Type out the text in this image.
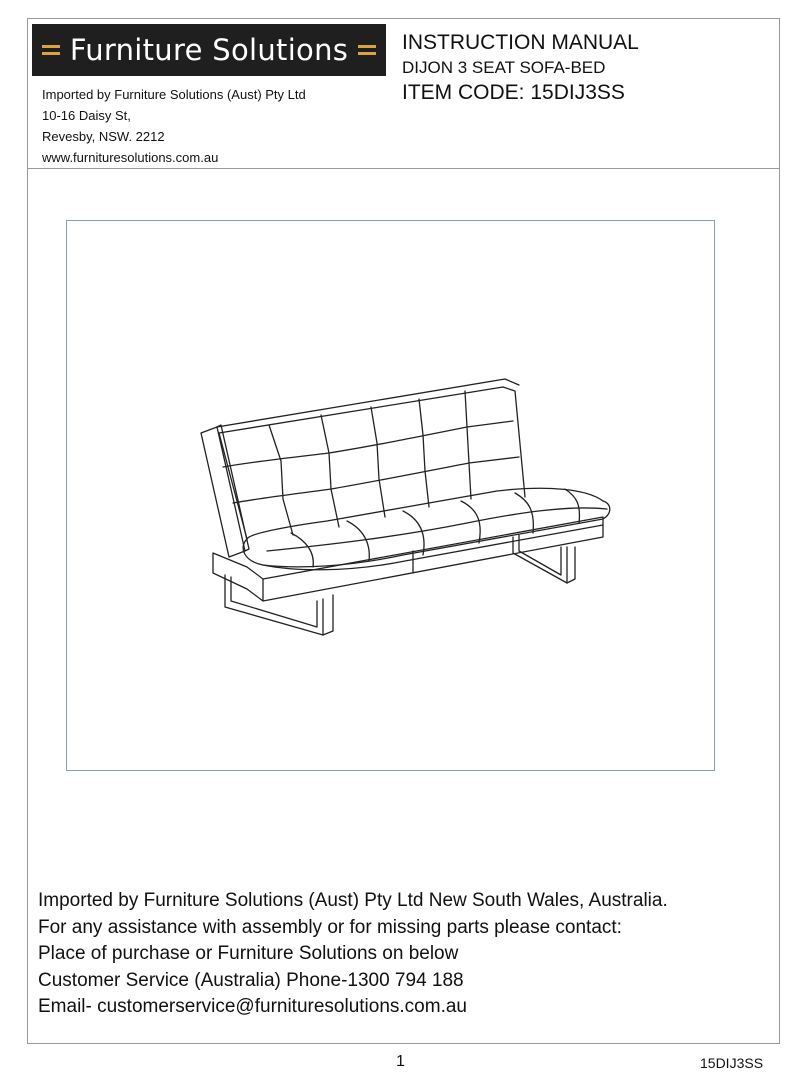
Furniture Solutions
Imported by Furniture Solutions (Aust) Pty Ltd
10-16 Daisy St,
Revesby, NSW. 2212
www.furnituresolutions.com.au
INSTRUCTION MANUAL
DIJON 3 SEAT SOFA-BED
ITEM CODE: 15DIJ3SS
Imported by Furniture Solutions (Aust) Pty Ltd New South Wales, Australia.
For any assistance with assembly or for missing parts please contact:
Place of purchase or Furniture Solutions on below
Customer Service (Australia) Phone-1300 794 188
Email- customerservice@furnituresolutions.com.au
1	15DIJ3SS
